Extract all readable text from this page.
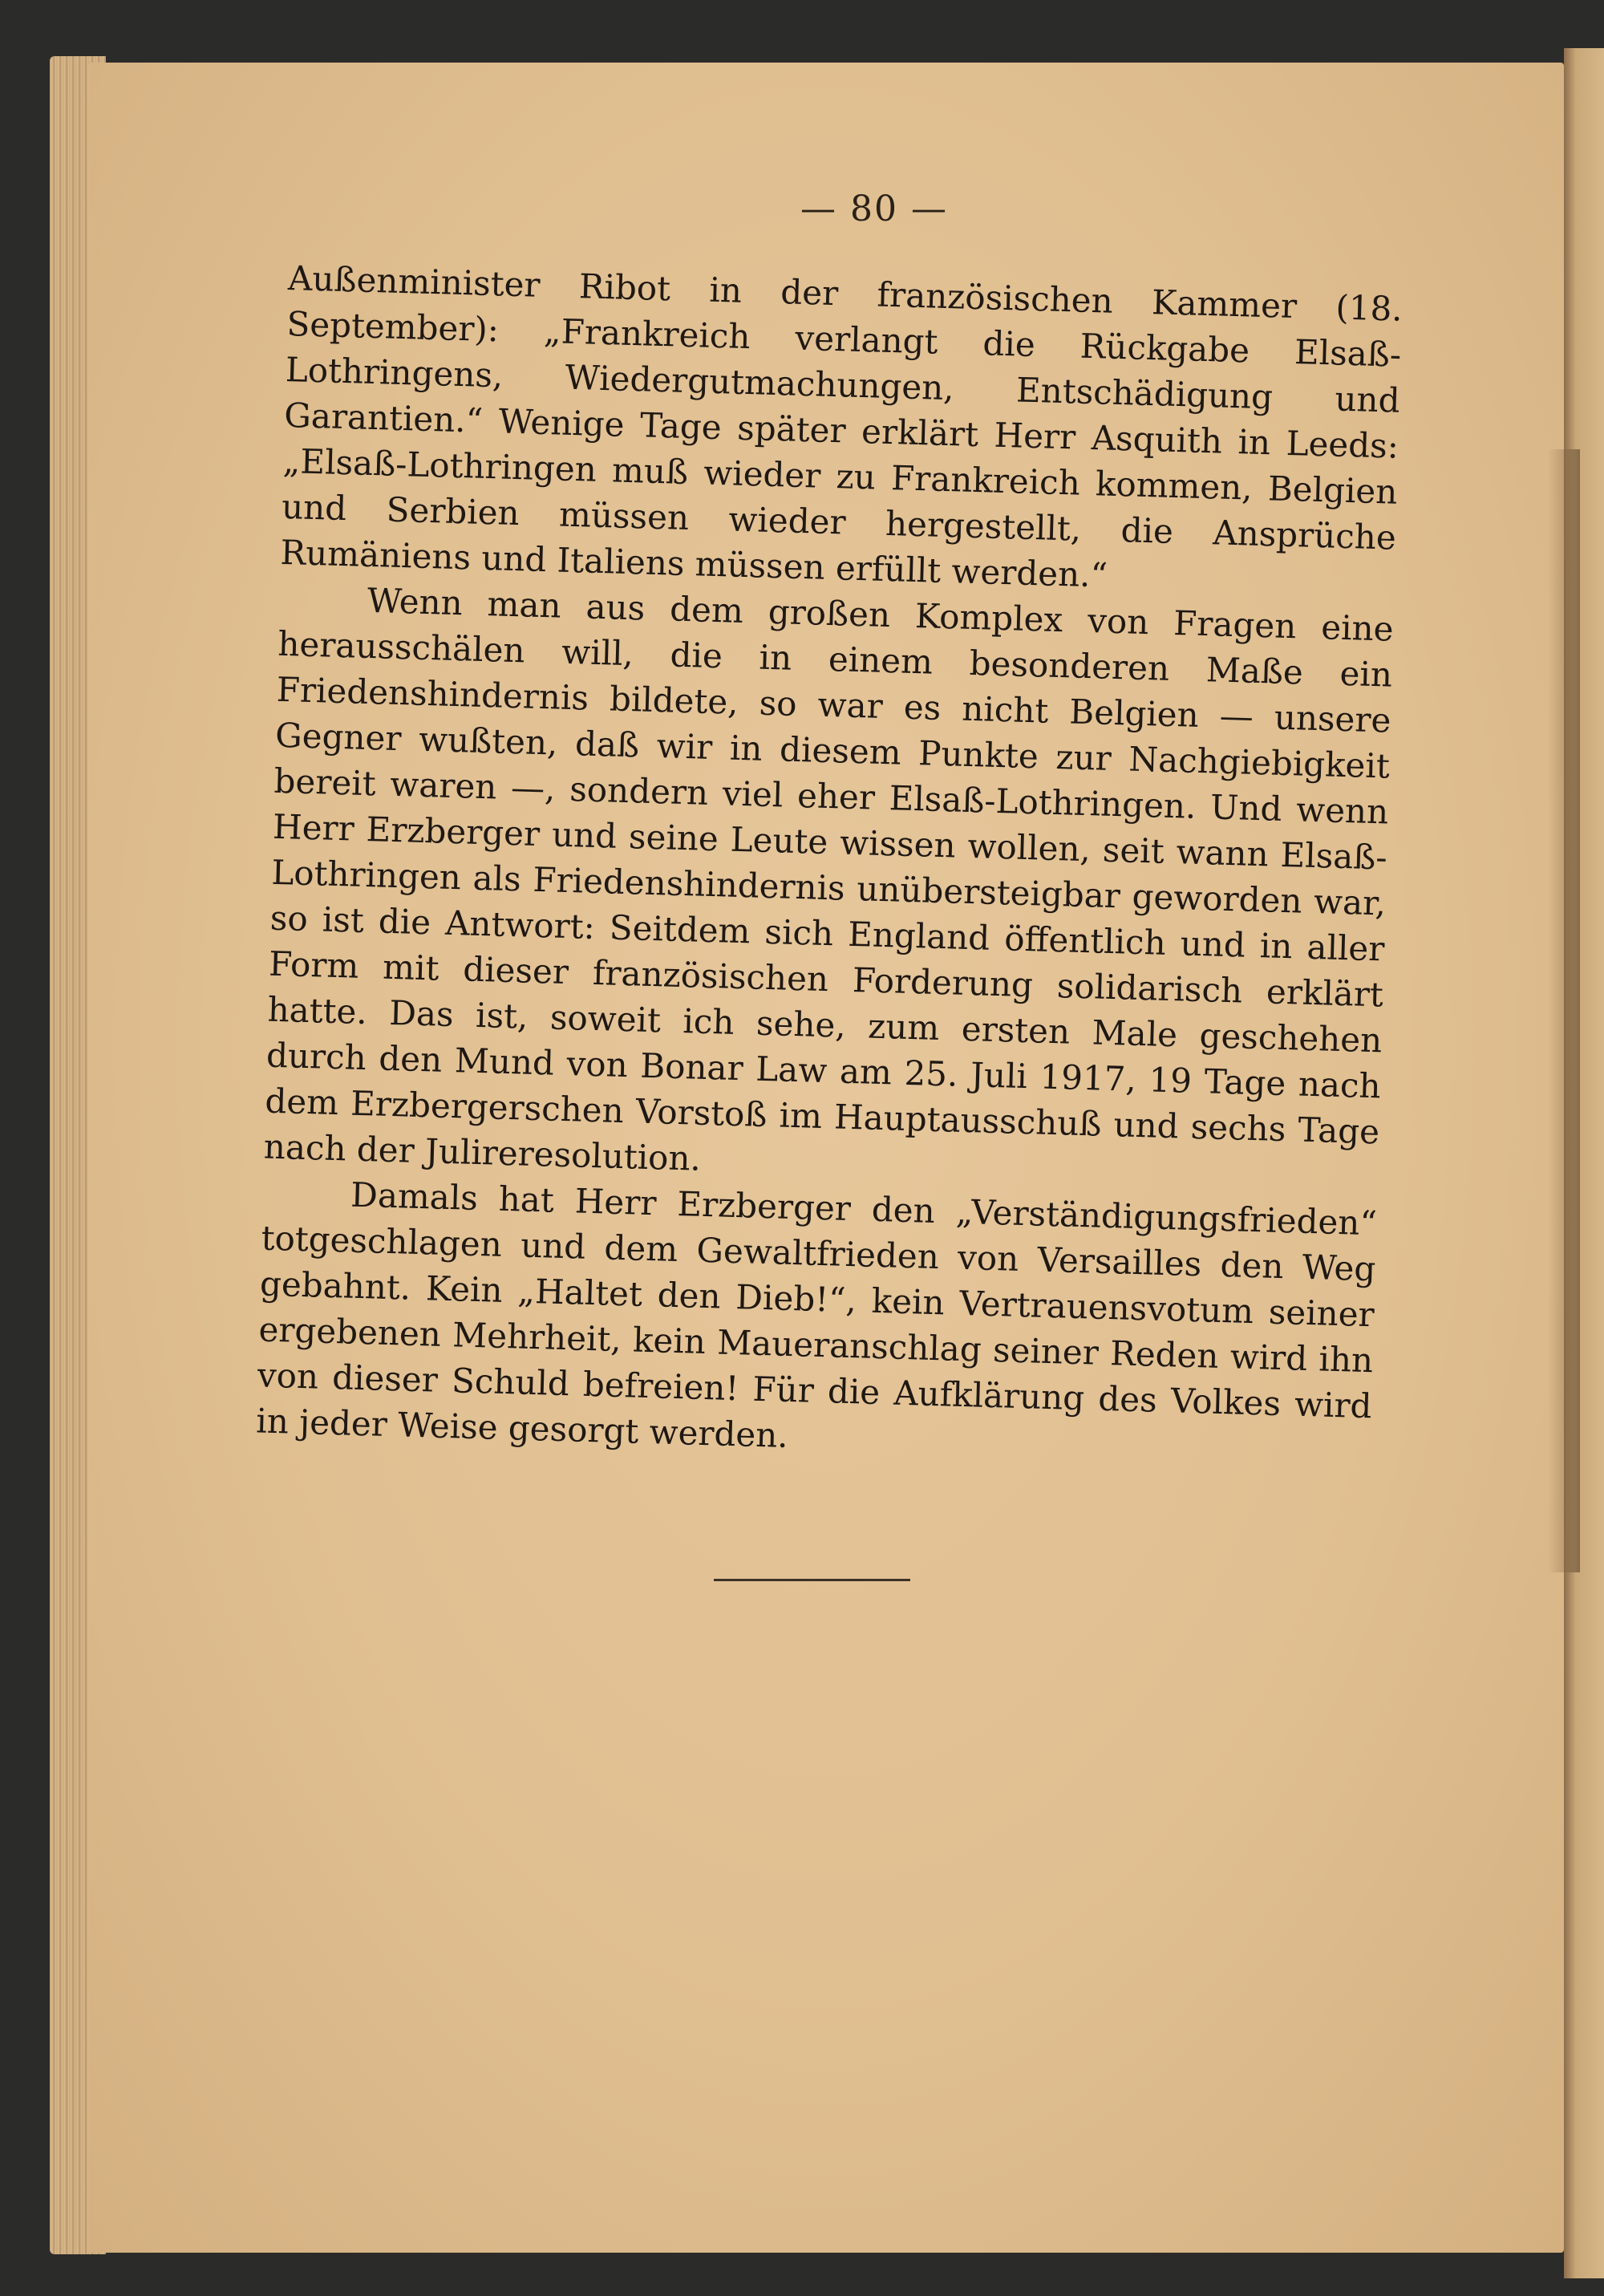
— 80 —

Außenminister Ribot in der französischen Kammer (18. September): „Frankreich verlangt die Rückgabe Elsaß-Lothringens, Wiedergutmachungen, Entschädigung und Garantien.“ Wenige Tage später erklärt Herr Asquith in Leeds: „Elsaß-Lothringen muß wieder zu Frankreich kommen, Belgien und Serbien müssen wieder hergestellt, die Ansprüche Rumäniens und Italiens müssen erfüllt werden.“

Wenn man aus dem großen Komplex von Fragen eine herausschälen will, die in einem besonderen Maße ein Friedenshindernis bildete, so war es nicht Belgien — unsere Gegner wußten, daß wir in diesem Punkte zur Nachgiebigkeit bereit waren —, sondern viel eher Elsaß-Lothringen. Und wenn Herr Erzberger und seine Leute wissen wollen, seit wann Elsaß-Lothringen als Friedenshindernis unübersteigbar geworden war, so ist die Antwort: Seitdem sich England öffentlich und in aller Form mit dieser französischen Forderung solidarisch erklärt hatte. Das ist, soweit ich sehe, zum ersten Male geschehen durch den Mund von Bonar Law am 25. Juli 1917, 19 Tage nach dem Erzbergerschen Vorstoß im Hauptausschuß und sechs Tage nach der Julireresolution.

Damals hat Herr Erzberger den „Verständigungsfrieden“ totgeschlagen und dem Gewaltfrieden von Versailles den Weg gebahnt. Kein „Haltet den Dieb!“, kein Vertrauensvotum seiner ergebenen Mehrheit, kein Maueranschlag seiner Reden wird ihn von dieser Schuld befreien! Für die Aufklärung des Volkes wird in jeder Weise gesorgt werden.
